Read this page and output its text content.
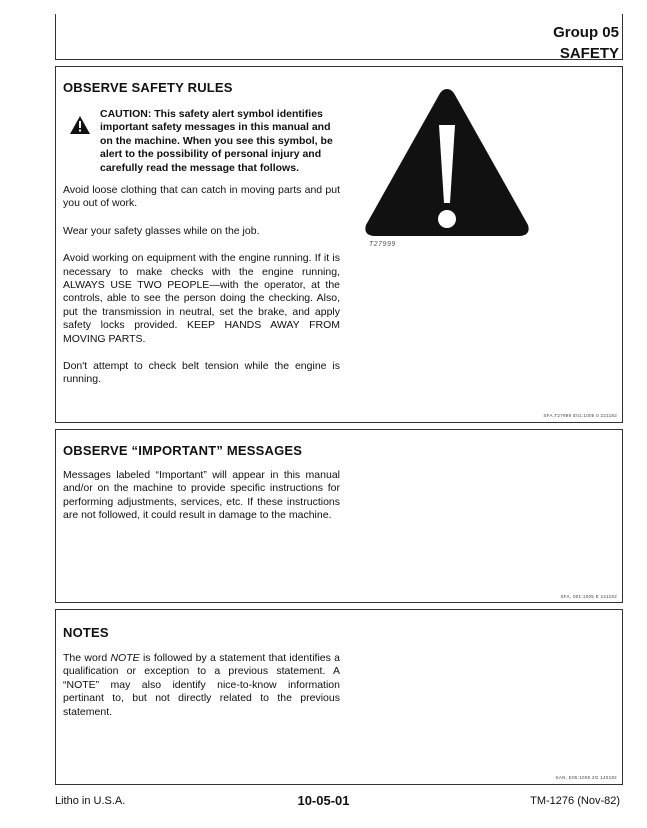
Group 05
SAFETY
OBSERVE SAFETY RULES
CAUTION: This safety alert symbol identifies important safety messages in this manual and on the machine. When you see this symbol, be alert to the possibility of personal injury and carefully read the message that follows.

Avoid loose clothing that can catch in moving parts and put you out of work.

Wear your safety glasses while on the job.

Avoid working on equipment with the engine running. If it is necessary to make checks with the engine running, ALWAYS USE TWO PEOPLE—with the operator, at the controls, able to see the person doing the checking. Also, put the transmission in neutral, set the brake, and apply safety locks provided. KEEP HANDS AWAY FROM MOVING PARTS.

Don't attempt to check belt tension while the engine is running.

T27999
SFA,T27999 E01:1005 0 221182
OBSERVE “IMPORTANT” MESSAGES

Messages labeled “Important” will appear in this manual and/or on the machine to provide specific instructions for performing adjustments, services, etc. If these instructions are not followed, it could result in damage to the machine.

SFA, 001:1005 E 221182
NOTES

The word NOTE is followed by a statement that identifies a qualification or exception to a previous statement. A “NOTE” may also identify nice-to-know information pertinant to, but not directly related to the previous statement.

SAN, E05:1005 2G 140182
Litho in U.S.A.	10-05-01	TM-1276 (Nov-82)
